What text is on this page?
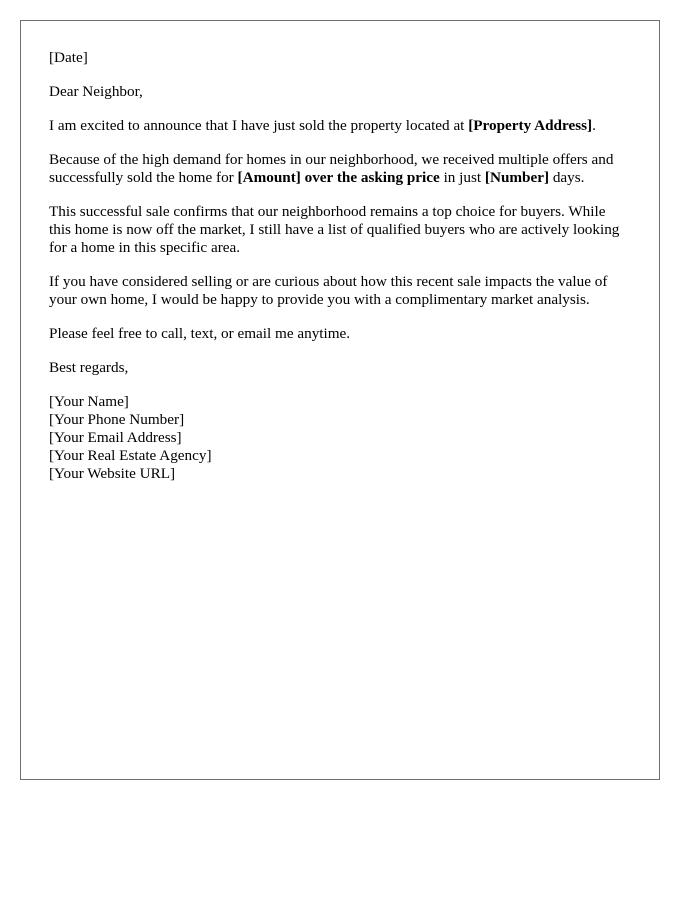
[Date]

Dear Neighbor,

I am excited to announce that I have just sold the property located at [Property Address].

Because of the high demand for homes in our neighborhood, we received multiple offers and successfully sold the home for [Amount] over the asking price in just [Number] days.

This successful sale confirms that our neighborhood remains a top choice for buyers. While this home is now off the market, I still have a list of qualified buyers who are actively looking for a home in this specific area.

If you have considered selling or are curious about how this recent sale impacts the value of your own home, I would be happy to provide you with a complimentary market analysis.

Please feel free to call, text, or email me anytime.

Best regards,

[Your Name]
[Your Phone Number]
[Your Email Address]
[Your Real Estate Agency]
[Your Website URL]
